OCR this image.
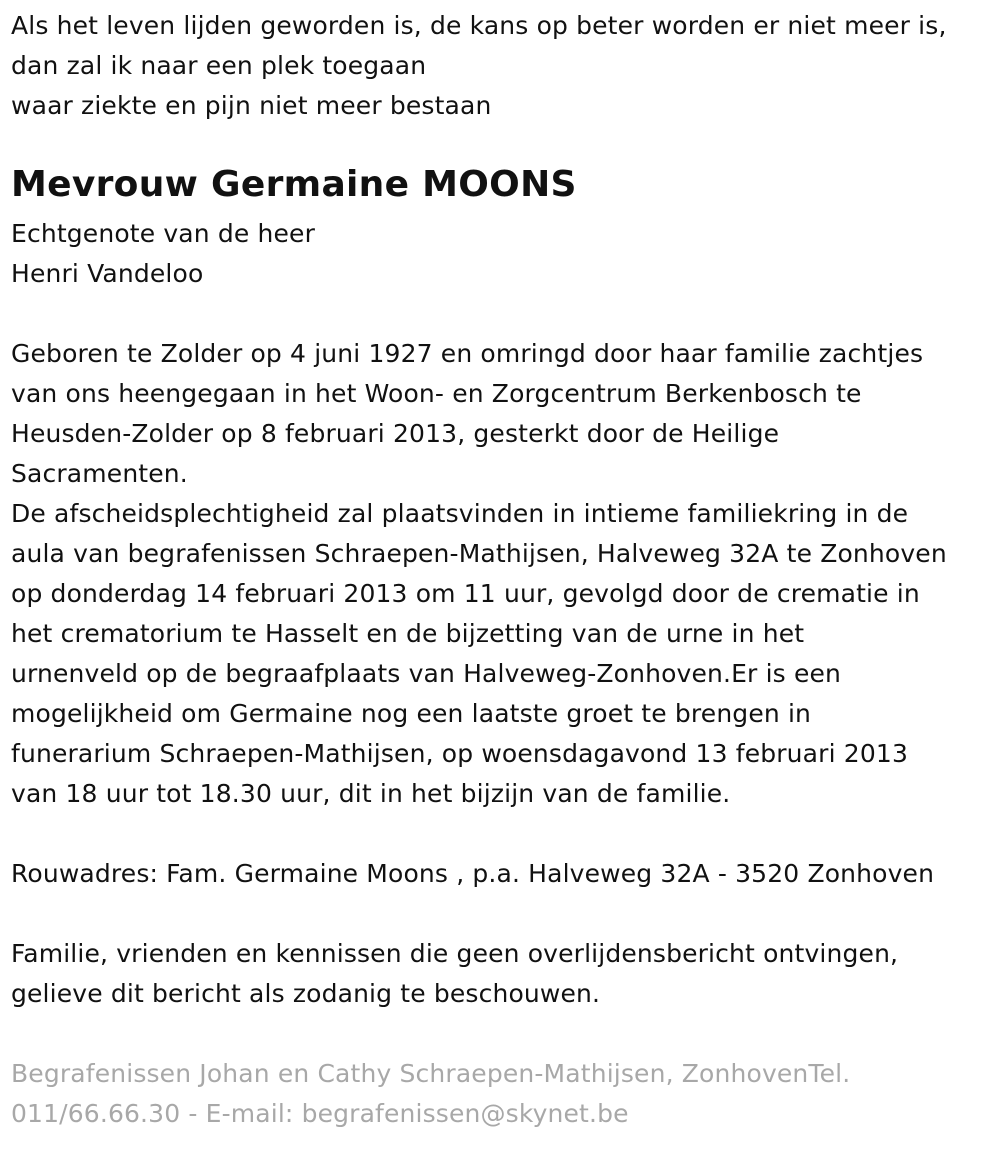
Als het leven lijden geworden is, de kans op beter worden er niet meer is,
dan zal ik naar een plek toegaan
waar ziekte en pijn niet meer bestaan
Mevrouw Germaine MOONS
Echtgenote van de heer
Henri Vandeloo
Geboren te Zolder op 4 juni 1927 en omringd door haar familie zachtjes
van ons heengegaan in het Woon- en Zorgcentrum Berkenbosch te
Heusden-Zolder op 8 februari 2013, gesterkt door de Heilige
Sacramenten.
De afscheidsplechtigheid zal plaatsvinden in intieme familiekring in de
aula van begrafenissen Schraepen-Mathijsen, Halveweg 32A te Zonhoven
op donderdag 14 februari 2013 om 11 uur, gevolgd door de crematie in
het crematorium te Hasselt en de bijzetting van de urne in het
urnenveld op de begraafplaats van Halveweg-Zonhoven.Er is een
mogelijkheid om Germaine nog een laatste groet te brengen in
funerarium Schraepen-Mathijsen, op woensdagavond 13 februari 2013
van 18 uur tot 18.30 uur, dit in het bijzijn van de familie.
Rouwadres: Fam. Germaine Moons , p.a. Halveweg 32A - 3520 Zonhoven
Familie, vrienden en kennissen die geen overlijdensbericht ontvingen,
gelieve dit bericht als zodanig te beschouwen.
Begrafenissen Johan en Cathy Schraepen-Mathijsen, ZonhovenTel.
011/66.66.30 - E-mail: begrafenissen@skynet.be
